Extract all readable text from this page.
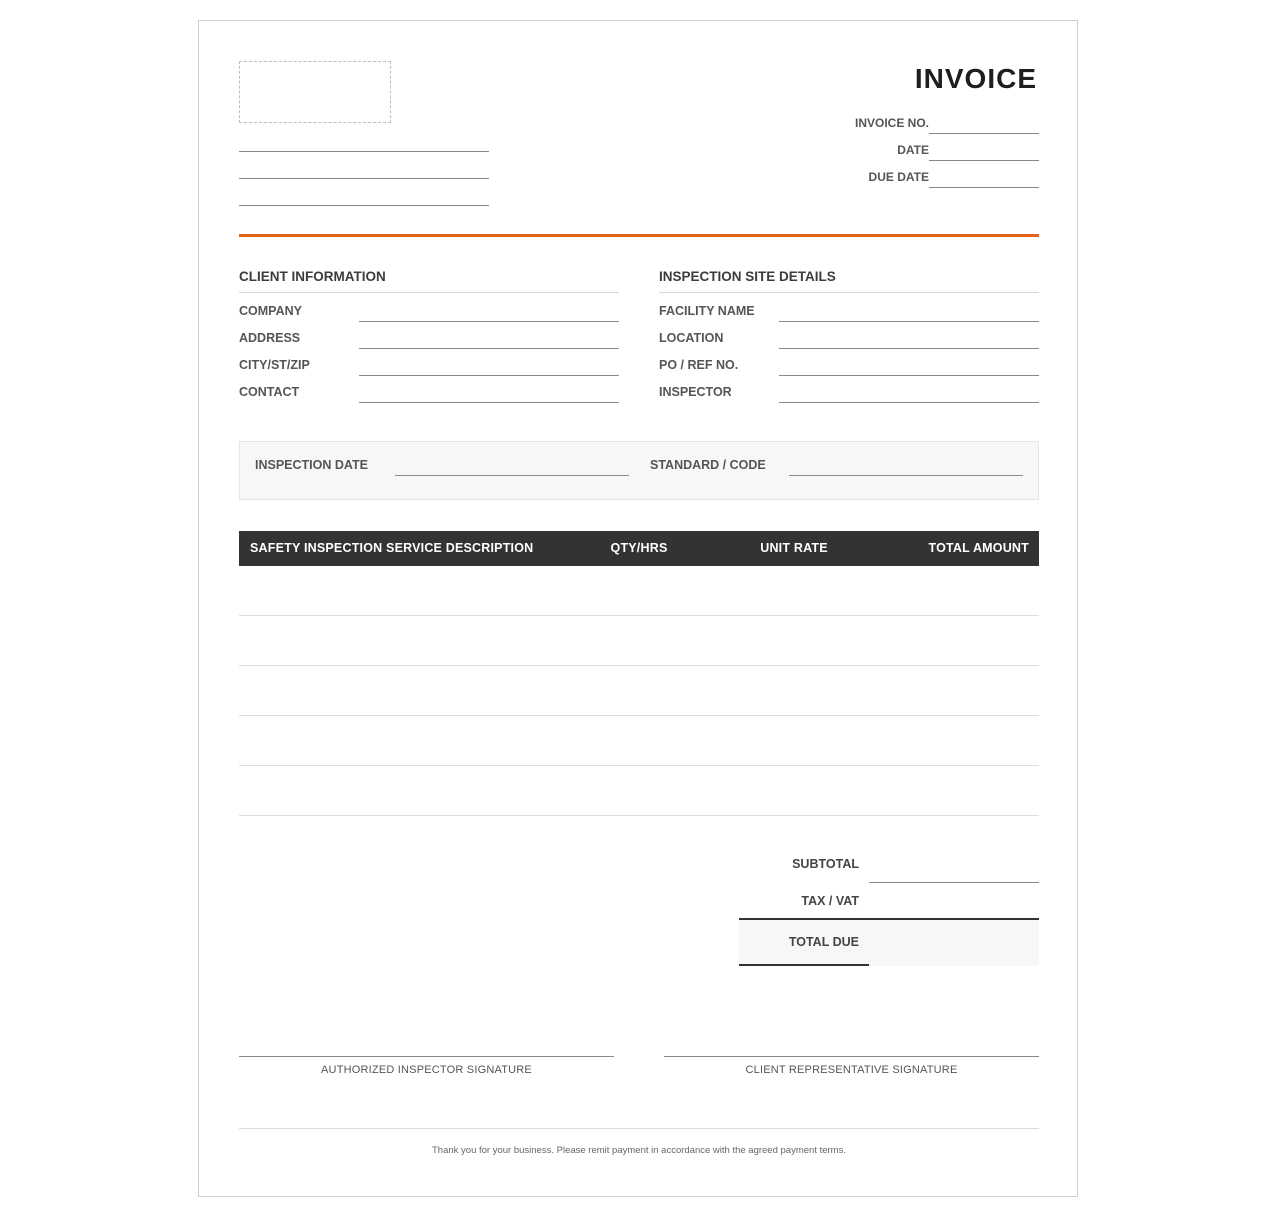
INVOICE
INVOICE NO.
DATE
DUE DATE
CLIENT INFORMATION
COMPANY
ADDRESS
CITY/ST/ZIP
CONTACT
INSPECTION SITE DETAILS
FACILITY NAME
LOCATION
PO / REF NO.
INSPECTOR
INSPECTION DATE	STANDARD / CODE
SAFETY INSPECTION SERVICE DESCRIPTION	QTY/HRS	UNIT RATE	TOTAL AMOUNT
SUBTOTAL
TAX / VAT
TOTAL DUE
AUTHORIZED INSPECTOR SIGNATURE	CLIENT REPRESENTATIVE SIGNATURE
Thank you for your business. Please remit payment in accordance with the agreed payment terms.
